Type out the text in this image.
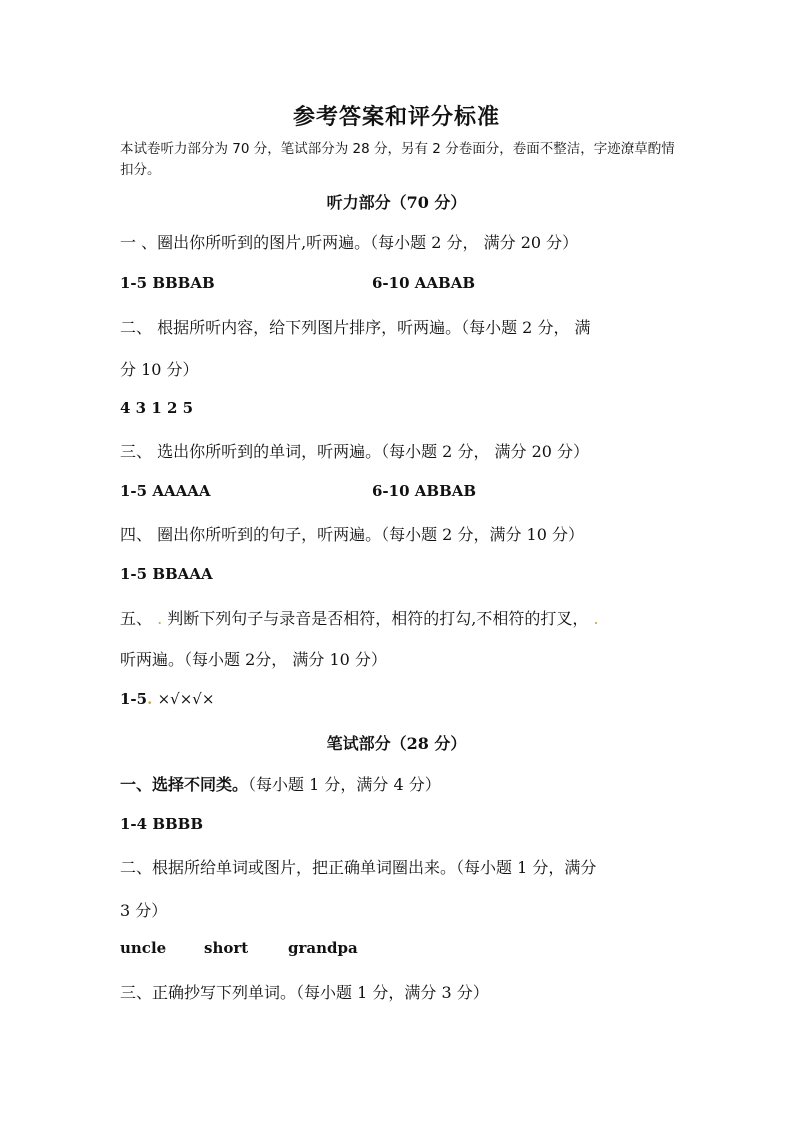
参考答案和评分标准
本试卷听力部分为 70 分，笔试部分为 28 分，另有 2 分卷面分，卷面不整洁，字迹潦草酌情扣分。
听力部分（70 分）
一 、圈出你所听到的图片,听两遍。（每小题 2 分， 满分 20 分）
1-5 BBBAB	6-10 AABAB
二、 根据所听内容，给下列图片排序，听两遍。（每小题 2 分， 满
分 10 分）
4 3 1 2 5
三、 选出你所听到的单词，听两遍。（每小题 2 分， 满分 20 分）
1-5 AAAAA	6-10 ABBAB
四、 圈出你所听到的句子，听两遍。（每小题 2 分，满分 10 分）
1-5 BBAAA
五、 . 判断下列句子与录音是否相符，相符的打勾,不相符的打叉， .
听两遍。（每小题 2分， 满分 10 分）
1-5. ×√×√×
笔试部分（28 分）
一、选择不同类。（每小题 1 分，满分 4 分）
1-4 BBBB
二、根据所给单词或图片，把正确单词圈出来。（每小题 1 分，满分
3 分）
uncle	short	grandpa
三、正确抄写下列单词。（每小题 1 分，满分 3 分）
